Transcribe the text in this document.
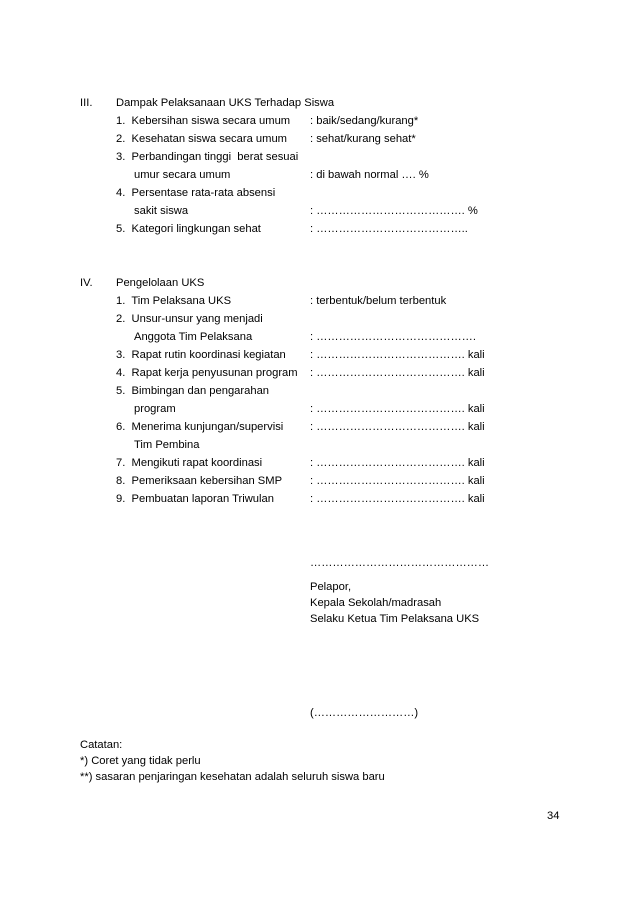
III. Dampak Pelaksanaan UKS Terhadap Siswa
1.  Kebersihan siswa secara umum : baik/sedang/kurang*
2.  Kesehatan siswa secara umum : sehat/kurang sehat*
3.  Perbandingan tinggi  berat sesuai
umur secara umum	: di bawah normal …. %
4.  Persentase rata-rata absensi
sakit siswa	: …………………………………. %
5.  Kategori lingkungan sehat	: …………………………………..
IV. Pengelolaan UKS
1.  Tim Pelaksana UKS	: terbentuk/belum terbentuk
2.  Unsur-unsur yang menjadi
Anggota Tim Pelaksana	: …………………………………….
3.  Rapat rutin koordinasi kegiatan : …………………………………. kali
4.  Rapat kerja penyusunan program : …………………………………. kali
5.  Bimbingan dan pengarahan
program	: …………………………………. kali
6.  Menerima kunjungan/supervisi : …………………………………. kali
Tim Pembina
7.  Mengikuti rapat koordinasi	: …………………………………. kali
8.  Pemeriksaan kebersihan SMP : …………………………………. kali
9.  Pembuatan laporan Triwulan	: …………………………………. kali
…………………………………………
Pelapor,
Kepala Sekolah/madrasah
Selaku Ketua Tim Pelaksana UKS
(………………………)
Catatan:
*) Coret yang tidak perlu
**) sasaran penjaringan kesehatan adalah seluruh siswa baru
34
